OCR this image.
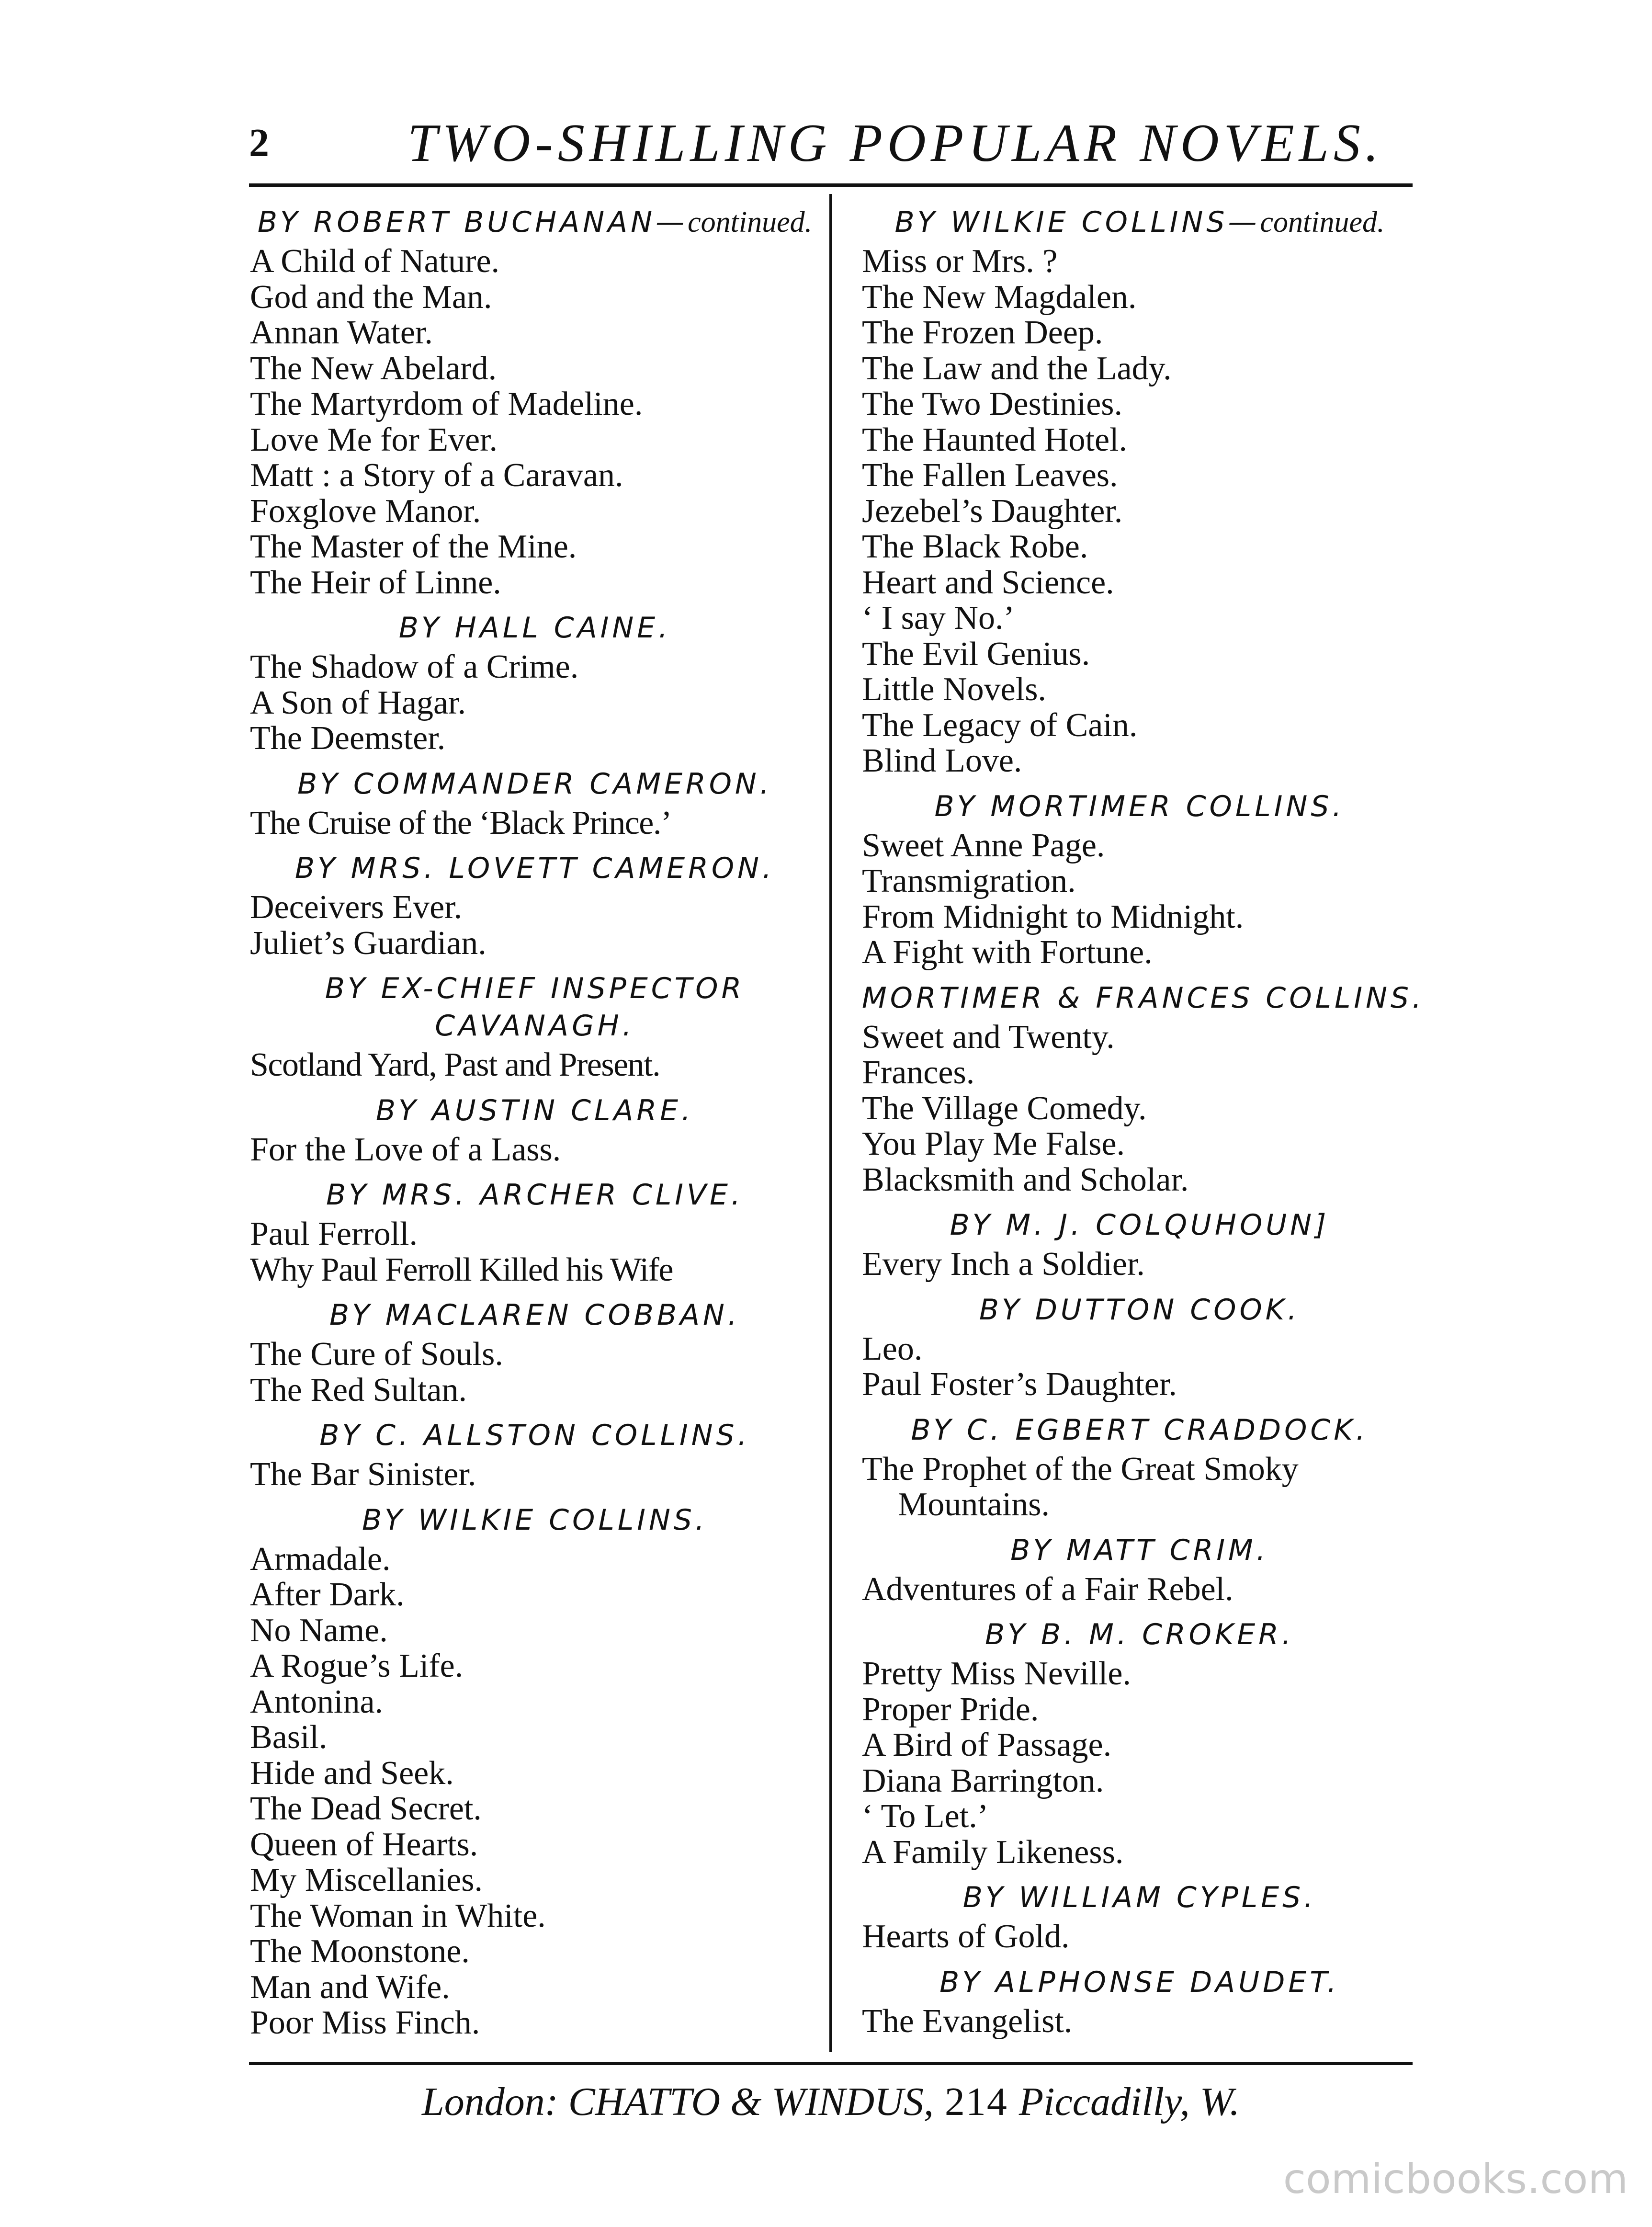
2	TWO-SHILLING POPULAR NOVELS.
BY ROBERT BUCHANAN—continued.
A Child of Nature.
God and the Man.
Annan Water.
The New Abelard.
The Martyrdom of Madeline.
Love Me for Ever.
Matt : a Story of a Caravan.
Foxglove Manor.
The Master of the Mine.
The Heir of Linne.
BY HALL CAINE.
The Shadow of a Crime.
A Son of Hagar.
The Deemster.
BY COMMANDER CAMERON.
The Cruise of the ‘Black Prince.’
BY MRS. LOVETT CAMERON.
Deceivers Ever.
Juliet’s Guardian.
BY EX-CHIEF INSPECTOR CAVANAGH.
Scotland Yard, Past and Present.
BY AUSTIN CLARE.
For the Love of a Lass.
BY MRS. ARCHER CLIVE.
Paul Ferroll.
Why Paul Ferroll Killed his Wife
BY MACLAREN COBBAN.
The Cure of Souls.
The Red Sultan.
BY C. ALLSTON COLLINS.
The Bar Sinister.
BY WILKIE COLLINS.
Armadale.
After Dark.
No Name.
A Rogue’s Life.
Antonina.
Basil.
Hide and Seek.
The Dead Secret.
Queen of Hearts.
My Miscellanies.
The Woman in White.
The Moonstone.
Man and Wife.
Poor Miss Finch.
BY WILKIE COLLINS—continued.
Miss or Mrs. ?
The New Magdalen.
The Frozen Deep.
The Law and the Lady.
The Two Destinies.
The Haunted Hotel.
The Fallen Leaves.
Jezebel’s Daughter.
The Black Robe.
Heart and Science.
‘ I say No.’
The Evil Genius.
Little Novels.
The Legacy of Cain.
Blind Love.
BY MORTIMER COLLINS.
Sweet Anne Page.
Transmigration.
From Midnight to Midnight.
A Fight with Fortune.
MORTIMER & FRANCES COLLINS.
Sweet and Twenty.
Frances.
The Village Comedy.
You Play Me False.
Blacksmith and Scholar.
BY M. J. COLQUHOUN]
Every Inch a Soldier.
BY DUTTON COOK.
Leo.
Paul Foster’s Daughter.
BY C. EGBERT CRADDOCK.
The Prophet of the Great Smoky Mountains.
BY MATT CRIM.
Adventures of a Fair Rebel.
BY B. M. CROKER.
Pretty Miss Neville.
Proper Pride.
A Bird of Passage.
Diana Barrington.
‘ To Let.’
A Family Likeness.
BY WILLIAM CYPLES.
Hearts of Gold.
BY ALPHONSE DAUDET.
The Evangelist.
London: CHATTO & WINDUS, 214 Piccadilly, W.
comicbooks.com
